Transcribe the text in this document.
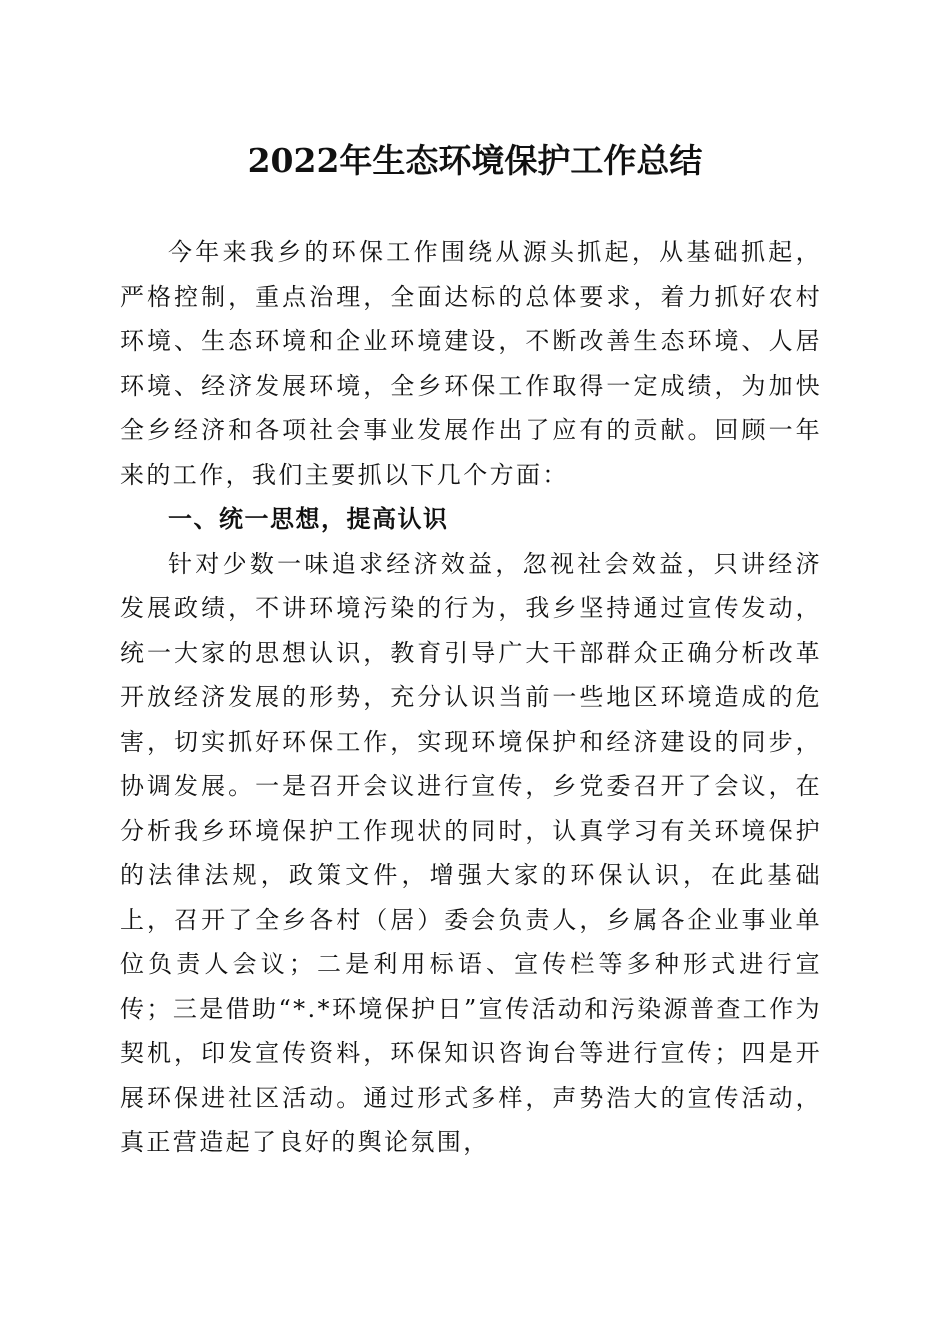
2022年生态环境保护工作总结

今年来我乡的环保工作围绕从源头抓起，从基础抓起，严格控制，重点治理，全面达标的总体要求，着力抓好农村环境、生态环境和企业环境建设，不断改善生态环境、人居环境、经济发展环境，全乡环保工作取得一定成绩，为加快全乡经济和各项社会事业发展作出了应有的贡献。回顾一年来的工作，我们主要抓以下几个方面：

一、统一思想，提高认识

针对少数一味追求经济效益，忽视社会效益，只讲经济发展政绩，不讲环境污染的行为，我乡坚持通过宣传发动，统一大家的思想认识，教育引导广大干部群众正确分析改革开放经济发展的形势，充分认识当前一些地区环境造成的危害，切实抓好环保工作，实现环境保护和经济建设的同步，协调发展。一是召开会议进行宣传，乡党委召开了会议，在分析我乡环境保护工作现状的同时，认真学习有关环境保护的法律法规，政策文件，增强大家的环保认识，在此基础上，召开了全乡各村（居）委会负责人，乡属各企业事业单位负责人会议；二是利用标语、宣传栏等多种形式进行宣传；三是借助“*.*环境保护日”宣传活动和污染源普查工作为契机，印发宣传资料，环保知识咨询台等进行宣传；四是开展环保进社区活动。通过形式多样，声势浩大的宣传活动，真正营造起了良好的舆论氛围，
